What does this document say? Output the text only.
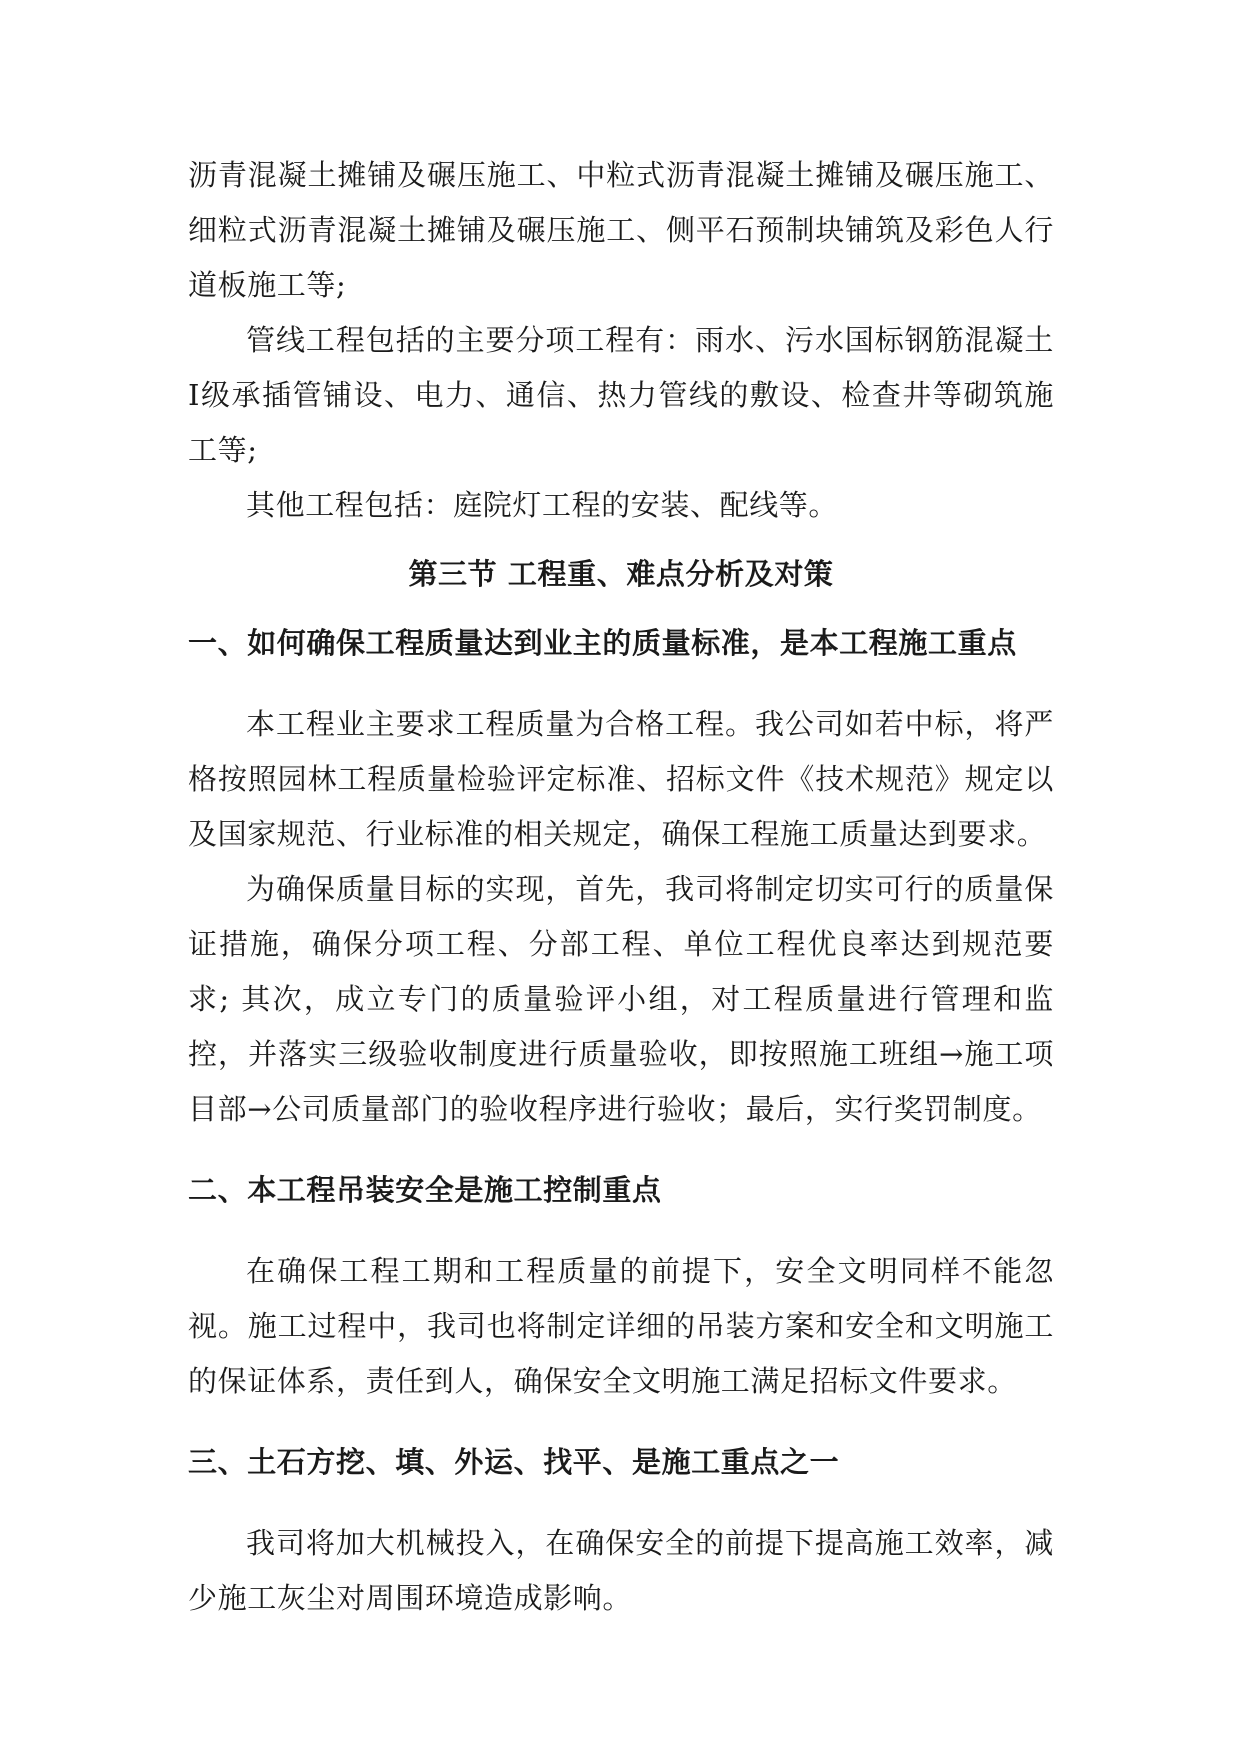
沥青混凝土摊铺及碾压施工、中粒式沥青混凝土摊铺及碾压施工、细粒式沥青混凝土摊铺及碾压施工、侧平石预制块铺筑及彩色人行道板施工等;

管线工程包括的主要分项工程有：雨水、污水国标钢筋混凝土Ⅰ级承插管铺设、电力、通信、热力管线的敷设、检查井等砌筑施工等;

其他工程包括：庭院灯工程的安装、配线等。

第三节 工程重、难点分析及对策
一、如何确保工程质量达到业主的质量标准，是本工程施工重点

本工程业主要求工程质量为合格工程。我公司如若中标，将严格按照园林工程质量检验评定标准、招标文件《技术规范》规定以及国家规范、行业标准的相关规定，确保工程施工质量达到要求。

为确保质量目标的实现，首先，我司将制定切实可行的质量保证措施，确保分项工程、分部工程、单位工程优良率达到规范要求; 其次，成立专门的质量验评小组，对工程质量进行管理和监控，并落实三级验收制度进行质量验收，即按照施工班组→施工项目部→公司质量部门的验收程序进行验收；最后，实行奖罚制度。

二、本工程吊装安全是施工控制重点

在确保工程工期和工程质量的前提下，安全文明同样不能忽视。施工过程中，我司也将制定详细的吊装方案和安全和文明施工的保证体系，责任到人，确保安全文明施工满足招标文件要求。

三、土石方挖、填、外运、找平、是施工重点之一

我司将加大机械投入，在确保安全的前提下提高施工效率，减少施工灰尘对周围环境造成影响。
